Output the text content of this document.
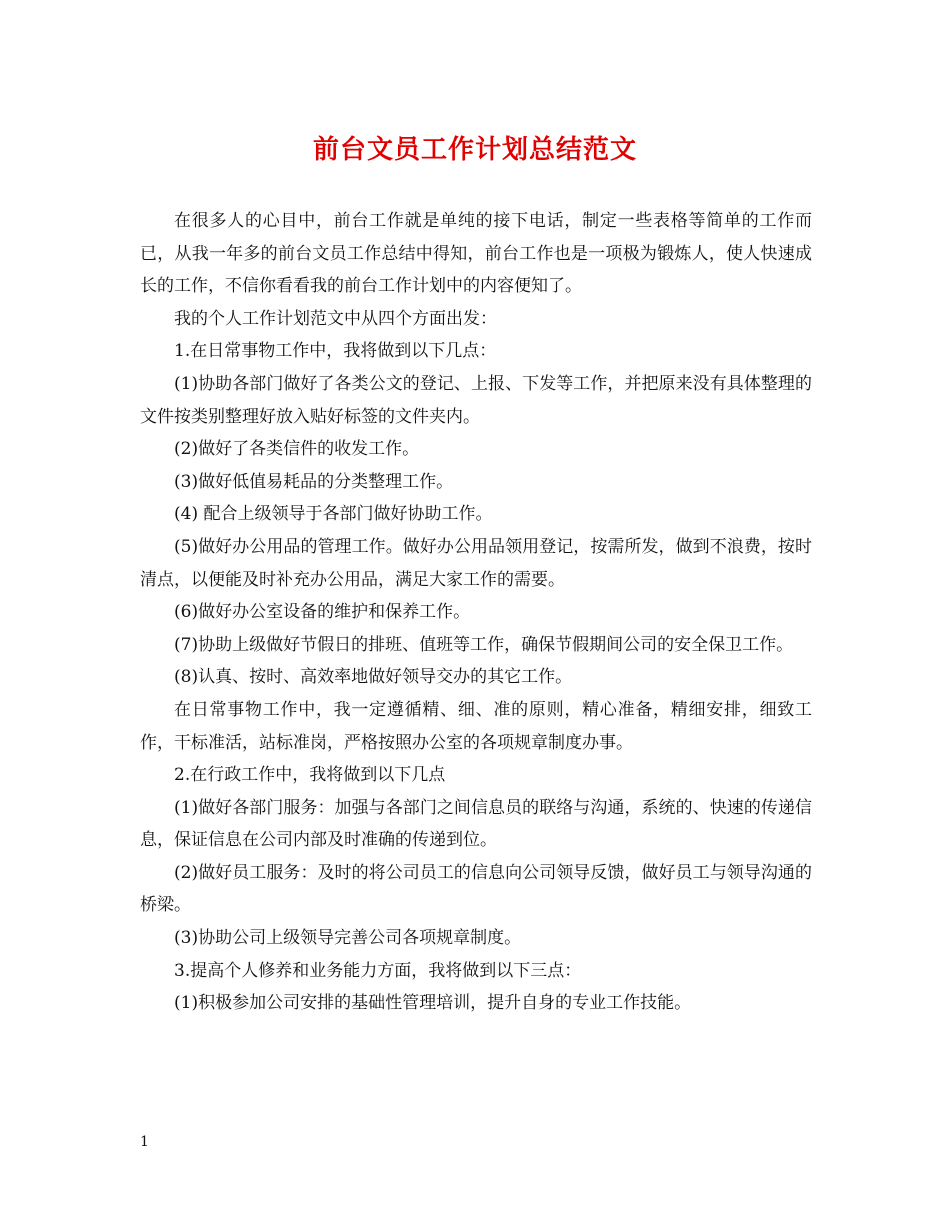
前台文员工作计划总结范文

在很多人的心目中，前台工作就是单纯的接下电话，制定一些表格等简单的工作而已，从我一年多的前台文员工作总结中得知，前台工作也是一项极为锻炼人，使人快速成长的工作，不信你看看我的前台工作计划中的内容便知了。

我的个人工作计划范文中从四个方面出发：

1.在日常事物工作中，我将做到以下几点：

(1)协助各部门做好了各类公文的登记、上报、下发等工作，并把原来没有具体整理的文件按类别整理好放入贴好标签的文件夹内。

(2)做好了各类信件的收发工作。

(3)做好低值易耗品的分类整理工作。

(4) 配合上级领导于各部门做好协助工作。

(5)做好办公用品的管理工作。做好办公用品领用登记，按需所发，做到不浪费，按时清点，以便能及时补充办公用品，满足大家工作的需要。

(6)做好办公室设备的维护和保养工作。

(7)协助上级做好节假日的排班、值班等工作，确保节假期间公司的安全保卫工作。

(8)认真、按时、高效率地做好领导交办的其它工作。

在日常事物工作中，我一定遵循精、细、准的原则，精心准备，精细安排，细致工作，干标准活，站标准岗，严格按照办公室的各项规章制度办事。

2.在行政工作中，我将做到以下几点

(1)做好各部门服务：加强与各部门之间信息员的联络与沟通，系统的、快速的传递信息，保证信息在公司内部及时准确的传递到位。

(2)做好员工服务：及时的将公司员工的信息向公司领导反馈，做好员工与领导沟通的桥梁。

(3)协助公司上级领导完善公司各项规章制度。

3.提高个人修养和业务能力方面，我将做到以下三点：

(1)积极参加公司安排的基础性管理培训，提升自身的专业工作技能。

1
